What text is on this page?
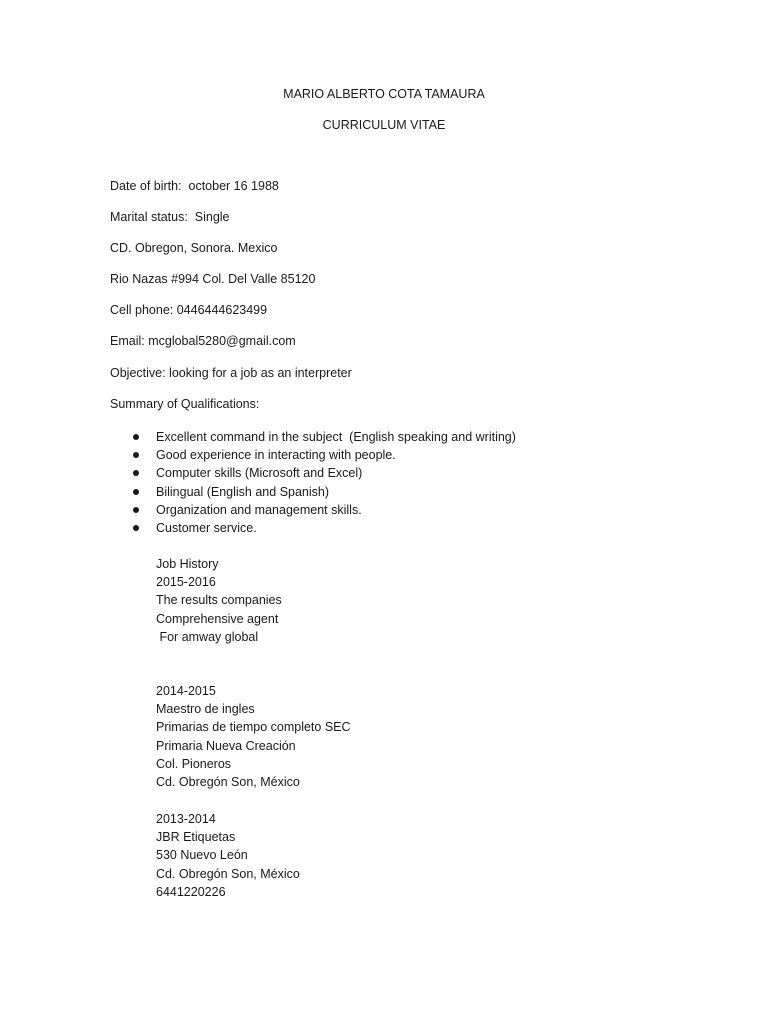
MARIO ALBERTO COTA TAMAURA
CURRICULUM VITAE
Date of birth:  october 16 1988
Marital status:  Single
CD. Obregon, Sonora. Mexico
Rio Nazas #994 Col. Del Valle 85120
Cell phone: 0446444623499
Email: mcglobal5280@gmail.com
Objective: looking for a job as an interpreter
Summary of Qualifications:
Excellent command in the subject  (English speaking and writing)
Good experience in interacting with people.
Computer skills (Microsoft and Excel)
Bilingual (English and Spanish)
Organization and management skills.
Customer service.
Job History
2015-2016
The results companies
Comprehensive agent
For amway global
2014-2015
Maestro de ingles
Primarias de tiempo completo SEC
Primaria Nueva Creación
Col. Pioneros
Cd. Obregón Son, México
2013-2014
JBR Etiquetas
530 Nuevo León
Cd. Obregón Son, México
6441220226
